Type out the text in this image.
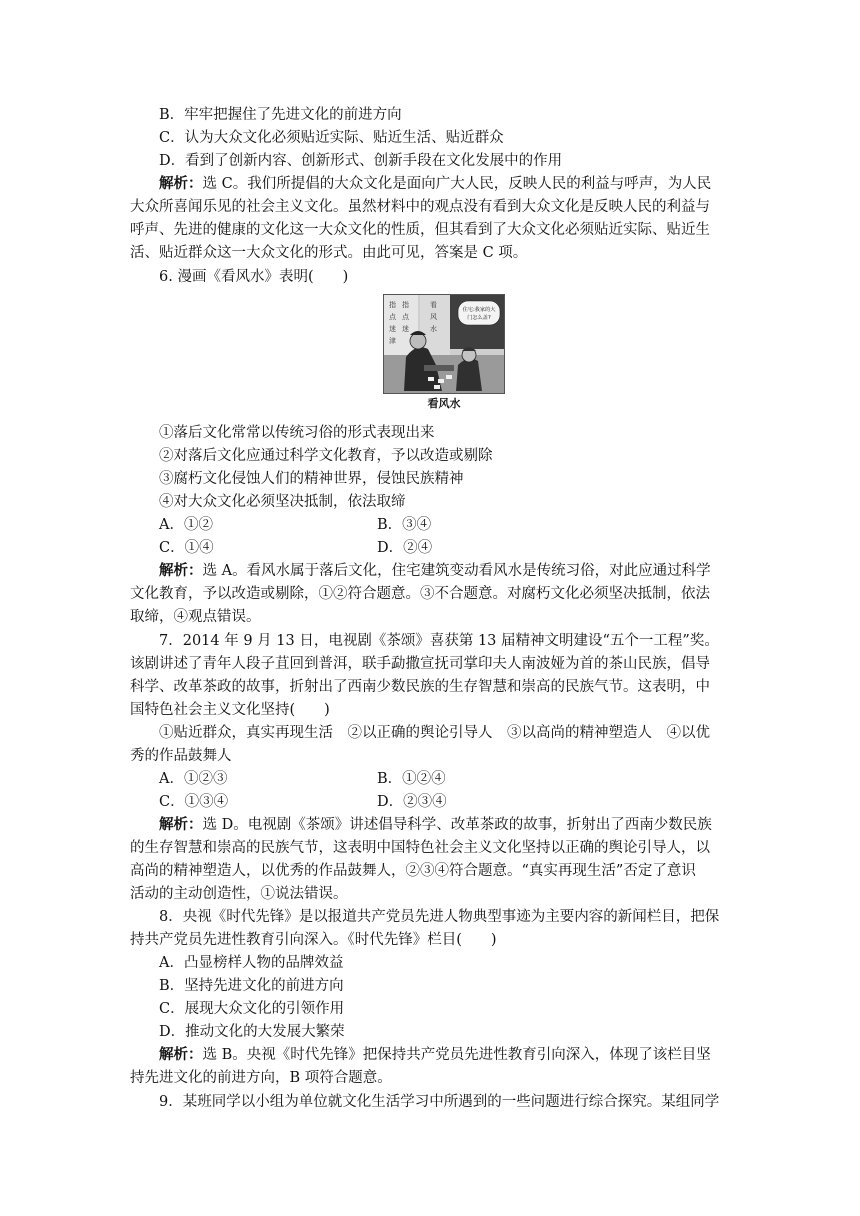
B．牢牢把握住了先进文化的前进方向
C．认为大众文化必须贴近实际、贴近生活、贴近群众
D．看到了创新内容、创新形式、创新手段在文化发展中的作用
解析：选 C。我们所提倡的大众文化是面向广大人民，反映人民的利益与呼声，为人民
大众所喜闻乐见的社会主义文化。虽然材料中的观点没有看到大众文化是反映人民的利益与
呼声、先进的健康的文化这一大众文化的性质，但其看到了大众文化必须贴近实际、贴近生
活、贴近群众这一大众文化的形式。由此可见，答案是 C 项。
6. 漫画《看风水》表明(　　)
住宅:我家的大
门怎么盖?
指
点
迷
津
指
点
迷
看
风
水
看风水
①落后文化常常以传统习俗的形式表现出来
②对落后文化应通过科学文化教育，予以改造或剔除
③腐朽文化侵蚀人们的精神世界，侵蚀民族精神
④对大众文化必须坚决抵制，依法取缔
A．①②	B．③④
C．①④	D．②④
解析：选 A。看风水属于落后文化，住宅建筑变动看风水是传统习俗，对此应通过科学
文化教育，予以改造或剔除，①②符合题意。③不合题意。对腐朽文化必须坚决抵制，依法
取缔，④观点错误。
7．2014 年 9 月 13 日，电视剧《茶颂》喜获第 13 届精神文明建设“五个一工程”奖。
该剧讲述了青年人段子苴回到普洱，联手勐撒宣抚司掌印夫人南波娅为首的茶山民族，倡导
科学、改革茶政的故事，折射出了西南少数民族的生存智慧和崇高的民族气节。这表明，中
国特色社会主义文化坚持(　　)
①贴近群众，真实再现生活　②以正确的舆论引导人　③以高尚的精神塑造人　④以优
秀的作品鼓舞人
A．①②③	B．①②④
C．①③④	D．②③④
解析：选 D。电视剧《茶颂》讲述倡导科学、改革茶政的故事，折射出了西南少数民族
的生存智慧和崇高的民族气节，这表明中国特色社会主义文化坚持以正确的舆论引导人，以
高尚的精神塑造人，以优秀的作品鼓舞人，②③④符合题意。“真实再现生活”否定了意识
活动的主动创造性，①说法错误。
8．央视《时代先锋》是以报道共产党员先进人物典型事迹为主要内容的新闻栏目，把保
持共产党员先进性教育引向深入。《时代先锋》栏目(　　)
A．凸显榜样人物的品牌效益
B．坚持先进文化的前进方向
C．展现大众文化的引领作用
D．推动文化的大发展大繁荣
解析：选 B。央视《时代先锋》把保持共产党员先进性教育引向深入，体现了该栏目坚
持先进文化的前进方向，B 项符合题意。
9．某班同学以小组为单位就文化生活学习中所遇到的一些问题进行综合探究。某组同学
